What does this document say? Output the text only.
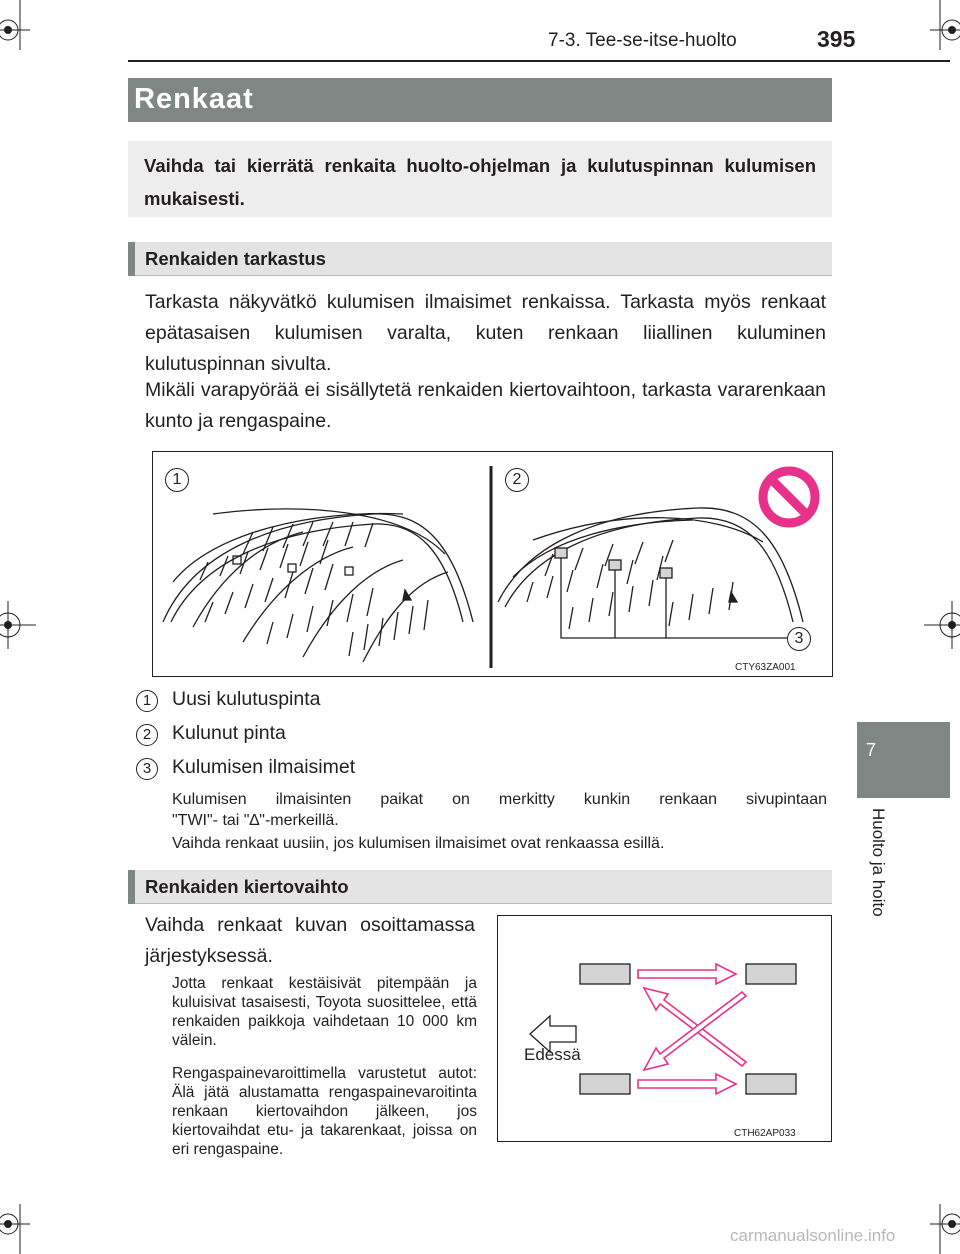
7-3. Tee-se-itse-huolto	395
7
Huolto ja hoito
Renkaat
Vaihda tai kierrätä renkaita huolto-ohjelman ja kulutuspinnan kulumisen mukaisesti.
Renkaiden tarkastus
Tarkasta näkyvätkö kulumisen ilmaisimet renkaissa. Tarkasta myös renkaat epätasaisen kulumisen varalta, kuten renkaan liiallinen kuluminen kulutuspinnan sivulta.
Mikäli varapyörää ei sisällytetä renkaiden kiertovaihtoon, tarkasta vararenkaan kunto ja rengaspaine.
1	2
3
CTY63ZA001
1	Uusi kulutuspinta
2	Kulunut pinta
3	Kulumisen ilmaisimet
Kulumisen ilmaisinten paikat on merkitty kunkin renkaan sivupintaan
"TWI"- tai "∆"-merkeillä.
Vaihda renkaat uusiin, jos kulumisen ilmaisimet ovat renkaassa esillä.
Renkaiden kiertovaihto
Vaihda renkaat kuvan osoittamassa järjestyksessä.
Jotta renkaat kestäisivät pitempään ja kuluisivat tasaisesti, Toyota suosittelee, että renkaiden paikkoja vaihdetaan 10 000 km välein.
Rengaspainevaroittimella varustetut autot: Älä jätä alustamatta rengaspainevaroitinta renkaan kiertovaihdon jälkeen, jos kiertovaihdat etu- ja takarenkaat, joissa on eri rengaspaine.
Edessä
CTH62AP033
carmanualsonline.info
